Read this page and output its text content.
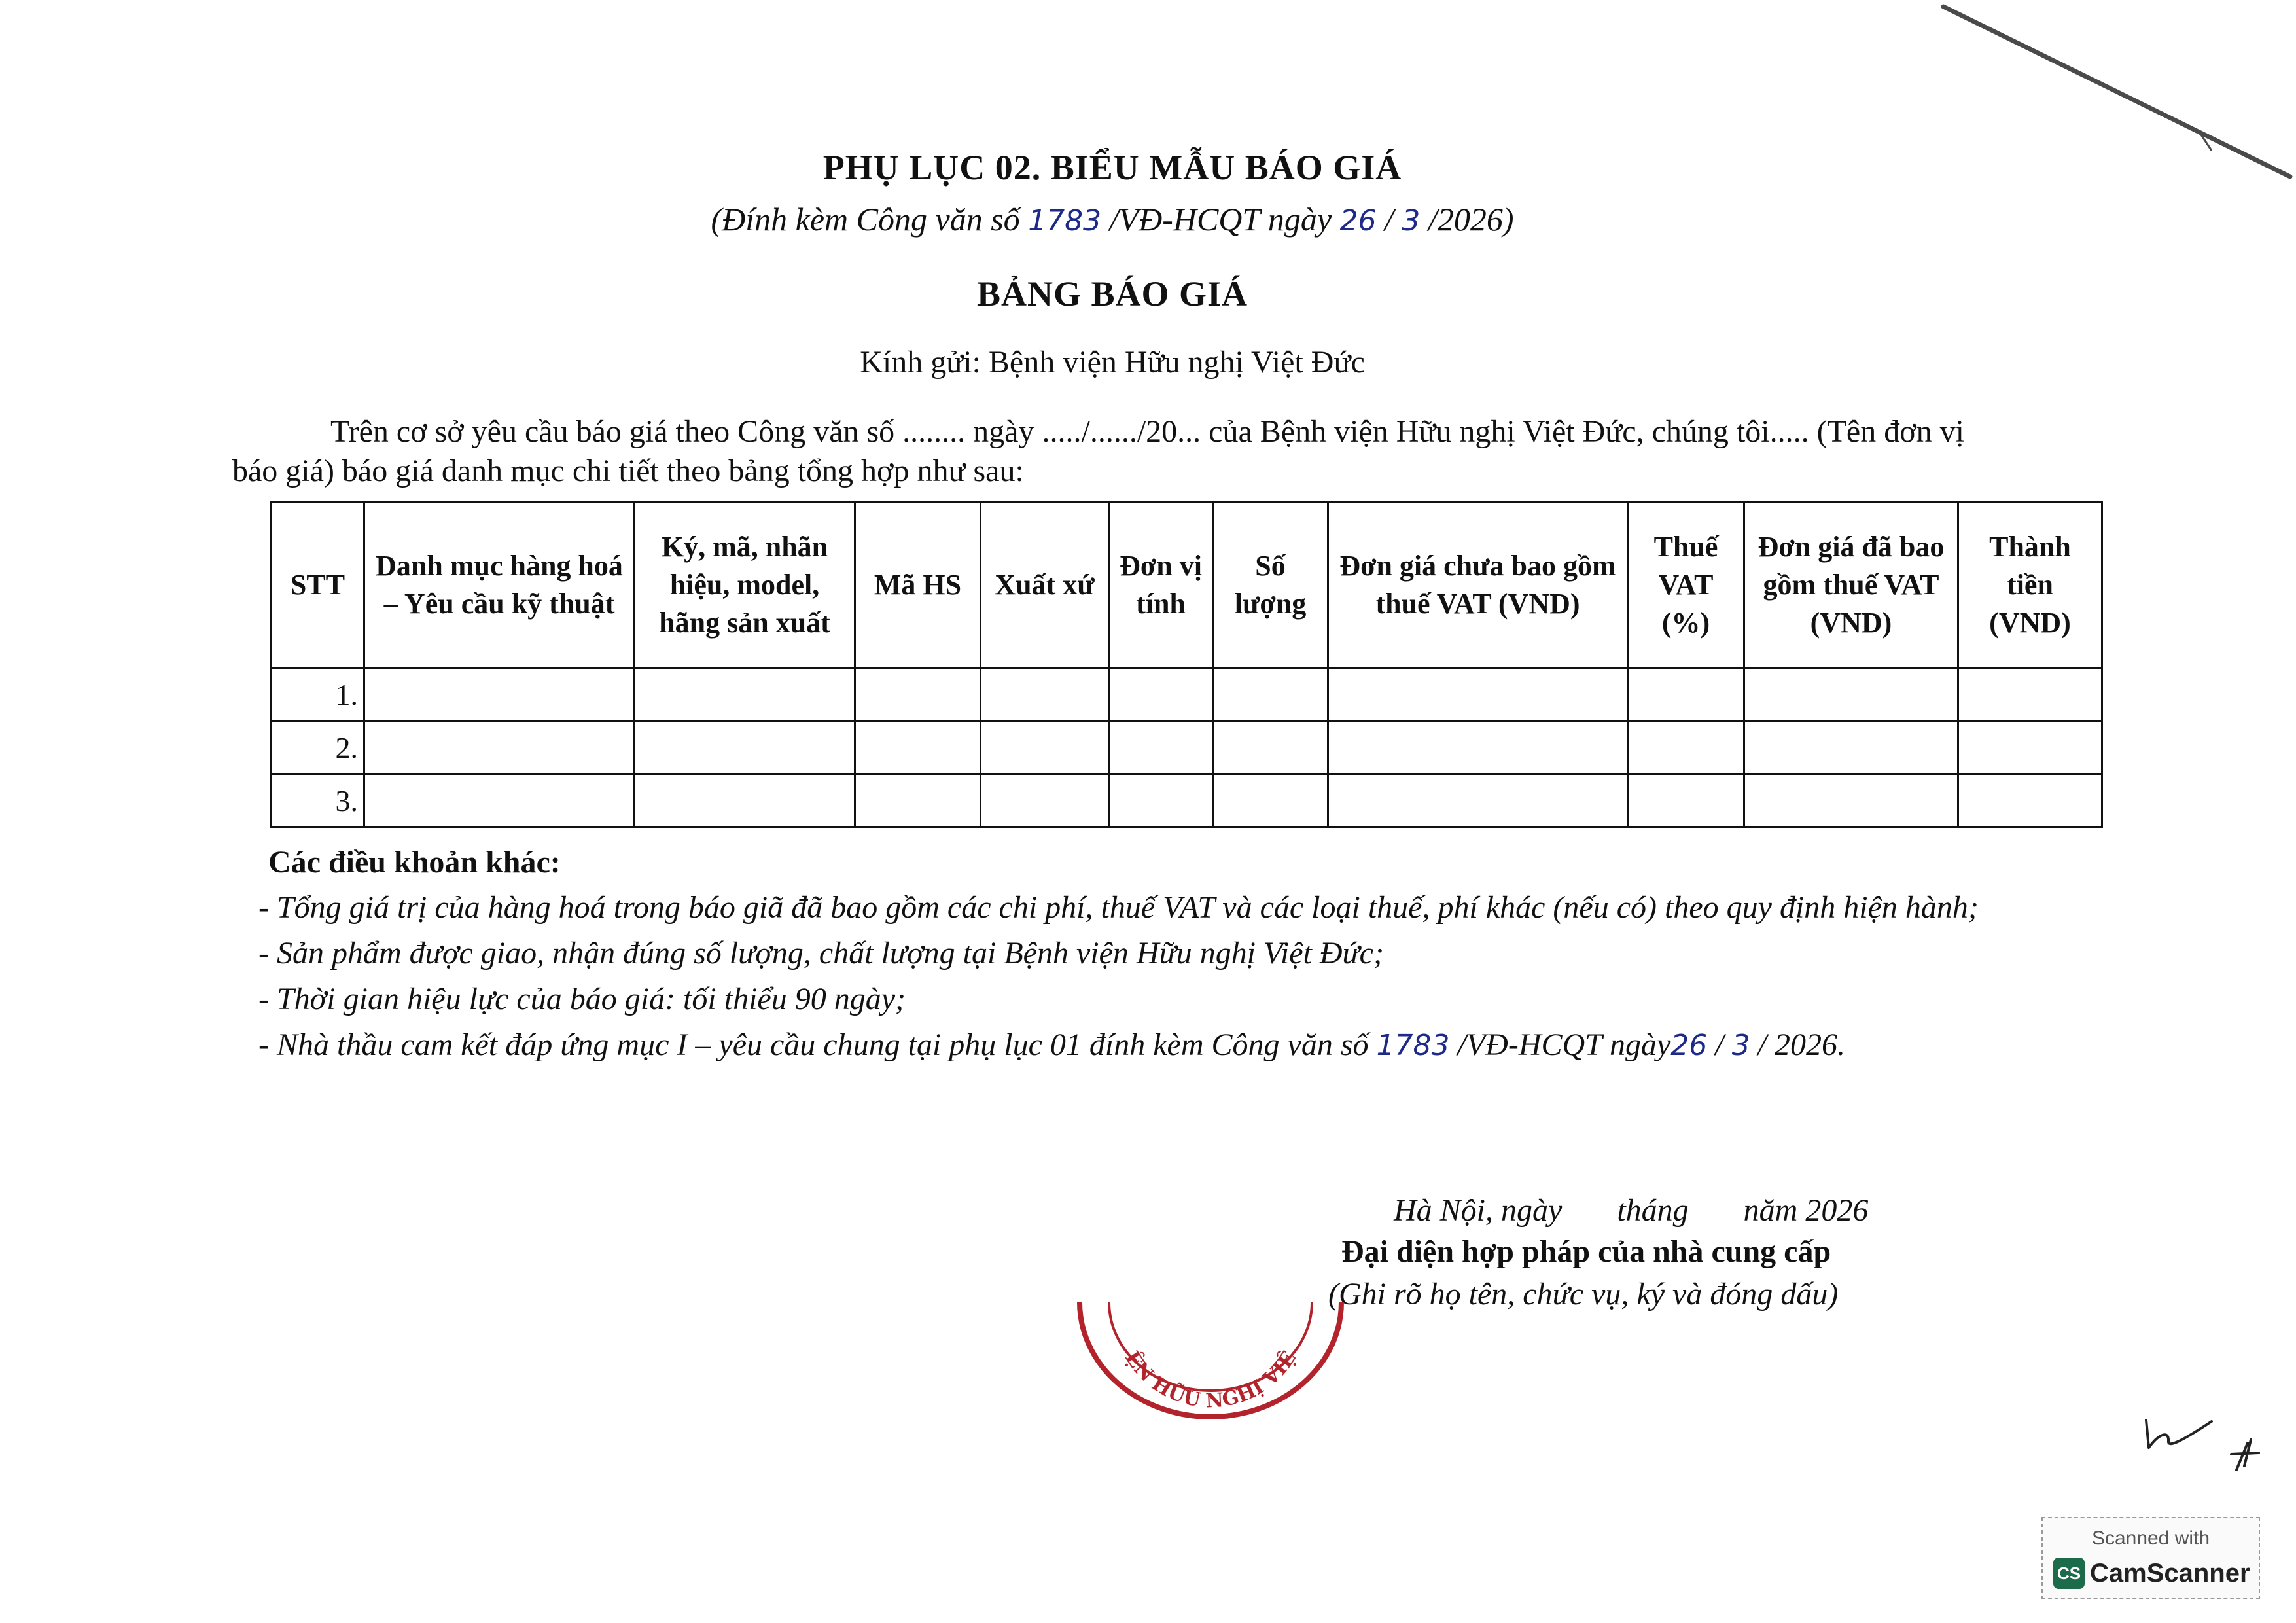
PHỤ LỤC 02. BIỂU MẪU BÁO GIÁ
(Đính kèm Công văn số 1783 /VĐ-HCQT ngày 26 / 3 /2026)
BẢNG BÁO GIÁ
Kính gửi: Bệnh viện Hữu nghị Việt Đức
Trên cơ sở yêu cầu báo giá theo Công văn số ........ ngày ...../....../20... của Bệnh viện Hữu nghị Việt Đức, chúng tôi..... (Tên đơn vị báo giá) báo giá danh mục chi tiết theo bảng tổng hợp như sau:
STT	Danh mục hàng hoá – Yêu cầu kỹ thuật	Ký, mã, nhãn hiệu, model, hãng sản xuất	Mã HS	Xuất xứ	Đơn vị tính	Số lượng	Đơn giá chưa bao gồm thuế VAT (VND)	Thuế VAT (%)	Đơn giá đã bao gồm thuế VAT (VND)	Thành tiền (VND)
1.										
2.										
3.										
Các điều khoản khác:

- Tổng giá trị của hàng hoá trong báo giã đã bao gồm các chi phí, thuế VAT và các loại thuế, phí khác (nếu có) theo quy định hiện hành;

- Sản phẩm được giao, nhận đúng số lượng, chất lượng tại Bệnh viện Hữu nghị Việt Đức;

- Thời gian hiệu lực của báo giá: tối thiểu 90 ngày;

- Nhà thầu cam kết đáp ứng mục I – yêu cầu chung tại phụ lục 01 đính kèm Công văn số 1783 /VĐ-HCQT ngày26 / 3 / 2026.

Hà Nội, ngày       tháng       năm 2026
Đại diện hợp pháp của nhà cung cấp
(Ghi rõ họ tên, chức vụ, ký và đóng dấu)
ỆN HỮU NGHỊ VIỆ
Scanned with
CS CamScanner
